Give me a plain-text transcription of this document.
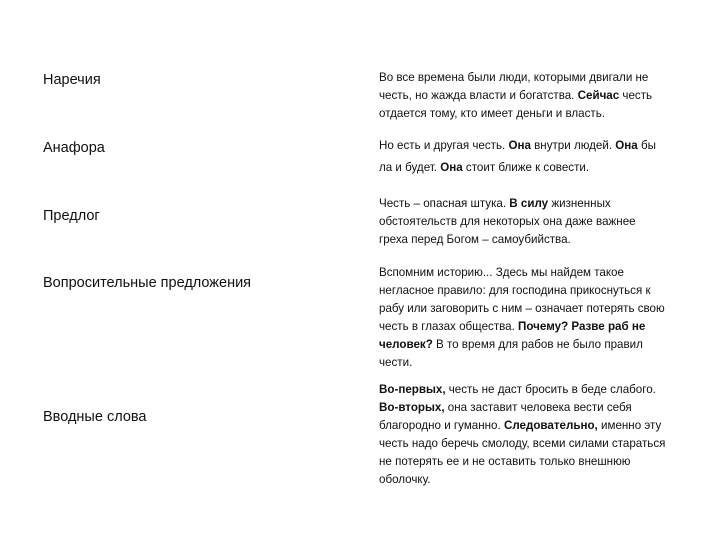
Наречия	Во все времена были люди, которыми двигали не
честь, но жажда власти и богатства. Сейчас честь
отдается тому, кто имеет деньги и власть.
Анафора	Но есть и другая честь. Она внутри людей. Она бы
ла и будет. Она стоит ближе к совести.
Предлог
Честь – опасная штука. В силу жизненных
обстоятельств для некоторых она даже важнее
греха перед Богом – самоубийства.
Вопросительные предложения
Вспомним историю... Здесь мы найдем такое
негласное правило: для господина прикоснуться к
рабу или заговорить с ним – означает потерять свою
честь в глазах общества. Почему? Разве раб не
человек? В то время для рабов не было правил
чести.
Вводные слова
Во-первых, честь не даст бросить в беде слабого.
Во-вторых, она заставит человека вести себя
благородно и гуманно. Следовательно, именно эту
честь надо беречь смолоду, всеми силами стараться
не потерять ее и не оставить только внешнюю
оболочку.
